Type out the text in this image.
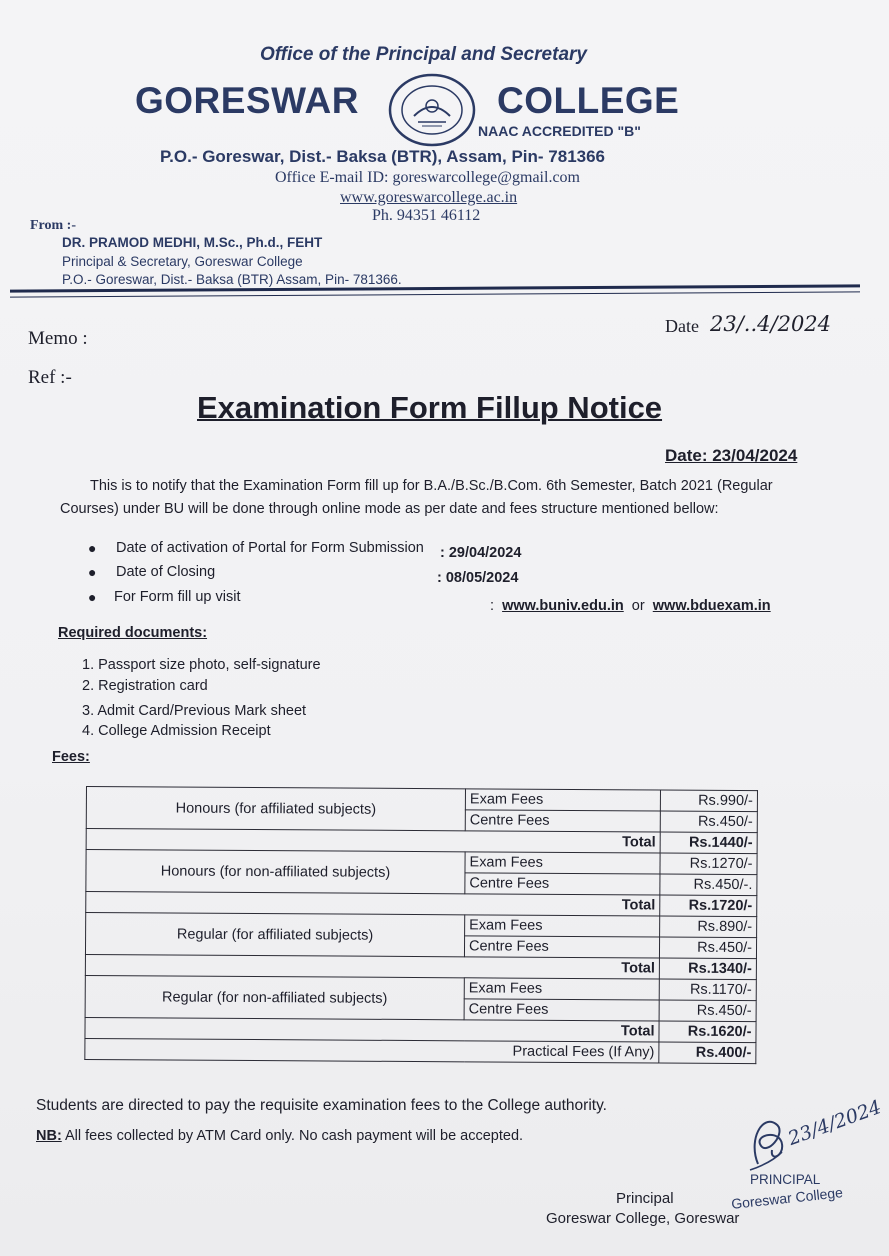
Office of the Principal and Secretary
GORESWAR	COLLEGE
NAAC ACCREDITED "B"
P.O.- Goreswar, Dist.- Baksa (BTR), Assam, Pin- 781366
Office E-mail ID: goreswarcollege@gmail.com
www.goreswarcollege.ac.in
Ph. 94351 46112
From :-
DR. PRAMOD MEDHI, M.Sc., Ph.d., FEHT
Principal & Secretary, Goreswar College
P.O.- Goreswar, Dist.- Baksa (BTR) Assam, Pin- 781366.
Memo :
Ref :-
Date 23/..4/2024
Examination Form Fillup Notice
Date: 23/04/2024
This is to notify that the Examination Form fill up for B.A./B.Sc./B.Com. 6th Semester, Batch 2021 (Regular Courses) under BU will be done through online mode as per date and fees structure mentioned bellow:
● Date of activation of Portal for Form Submission : 29/04/2024
● Date of Closing	: 08/05/2024
● For Form fill up visit
: www.buniv.edu.in or www.bduexam.in
Required documents:
1. Passport size photo, self-signature
2. Registration card
3. Admit Card/Previous Mark sheet
4. College Admission Receipt
Fees:
Honours (for affiliated subjects)	Exam Fees	Rs.990/-
	Centre Fees	Rs.450/-
Total		Rs.1440/-
Honours (for non-affiliated subjects)	Exam Fees	Rs.1270/-
	Centre Fees	Rs.450/-.
Total		Rs.1720/-
Regular (for affiliated subjects)	Exam Fees	Rs.890/-
	Centre Fees	Rs.450/-
Total		Rs.1340/-
Regular (for non-affiliated subjects)	Exam Fees	Rs.1170/-
	Centre Fees	Rs.450/-
Total		Rs.1620/-
Practical Fees (If Any)		Rs.400/-
Students are directed to pay the requisite examination fees to the College authority.
NB: All fees collected by ATM Card only. No cash payment will be accepted.	23/4/2024
PRINCIPAL
Goreswar College
Principal
Goreswar College, Goreswar
